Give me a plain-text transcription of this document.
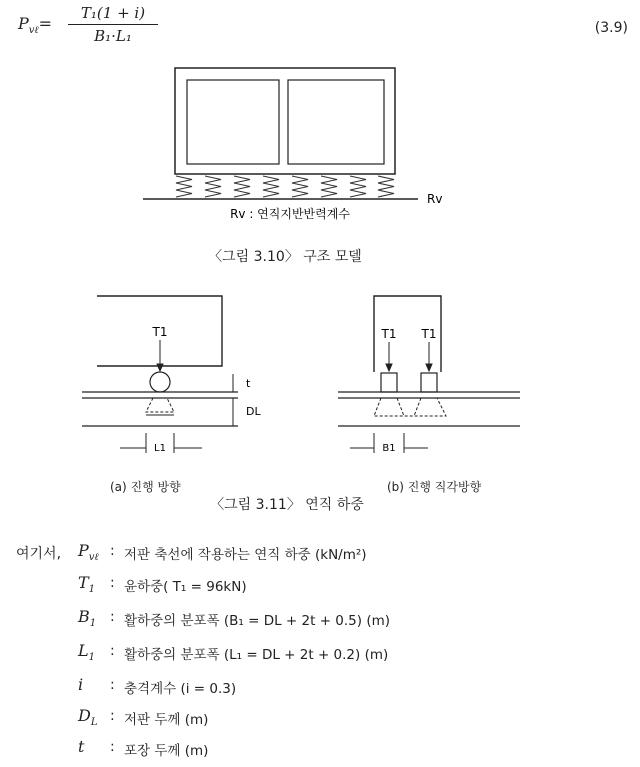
$P_{v\ell}=$
T₁(1 + i)
B₁·L₁	(3.9)
Rv
Rv : 연직지반반력계수
〈그림 3.10〉 구조 모델
T1
t
DL
L1
T1 T1
B1
(a) 진행 방향	(b) 진행 직각방향
〈그림 3.11〉 연직 하중
여기서, $P_{v\ell}$ : 저판 축선에 작용하는 연직 하중 (kN/m²)
$T_1$ : 윤하중( T₁ = 96kN)
$B_1$ : 활하중의 분포폭 (B₁ = DL + 2t + 0.5) (m)
$L_1$ : 활하중의 분포폭 (L₁ = DL + 2t + 0.2) (m)
i : 충격계수 (i = 0.3)
$D_L$ : 저판 두께 (m)
t : 포장 두께 (m)
